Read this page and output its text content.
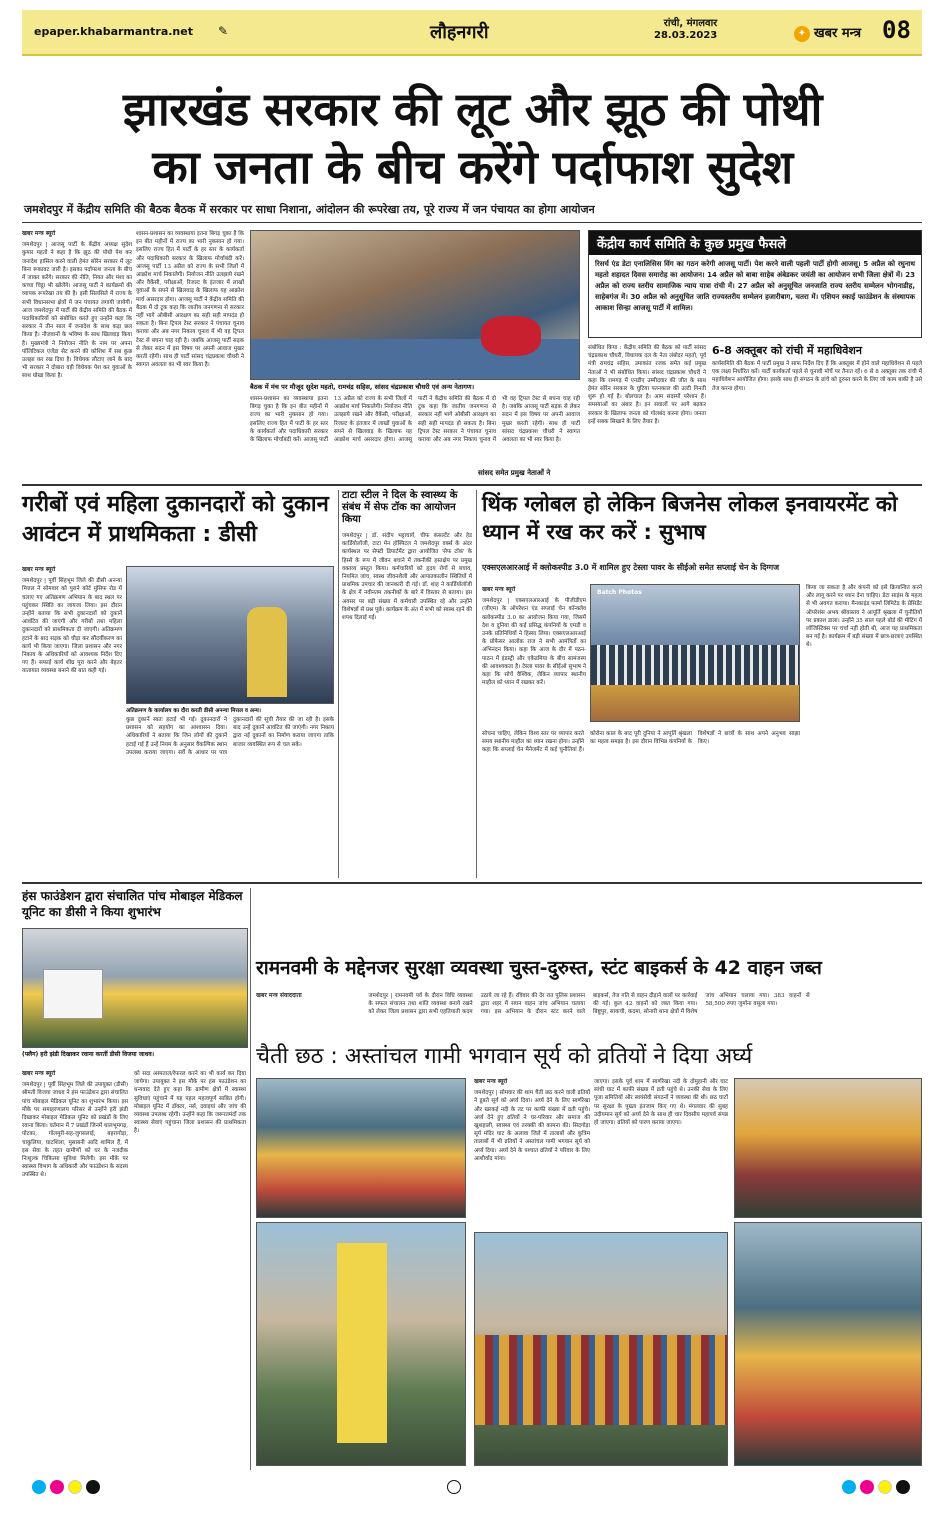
epaper.khabarmantra.net ✎	लौहनगरी	रांची, मंगलवार
28.03.2023	✦ खबर मन्त्र 08
झारखंड सरकार की लूट और झूठ की पोथी
का जनता के बीच करेंगे पर्दाफाश सुदेश
जमशेदपुर में केंद्रीय समिति की बैठक बैठक में सरकार पर साधा निशाना, आंदोलन की रूपरेखा तय, पूरे राज्य में जन पंचायत का होगा आयोजन
खबर मन्त्र ब्यूरो
जमशेदपुर | आजसू पार्टी के केंद्रीय अध्यक्ष सुदेश कुमार महतो ने कहा है कि झूठ की पोथी पेश कर जनादेश हासिल करने वाली हेमंत सोरेन सरकार में लूट बिना रूकावट जारी है। इसका पर्दाफाश जनता के बीच में जाकर करेंगे। सरकार की नीति, नियत और मंशा का कच्चा चिट्ठा भी खोलेंगे। आजसू पार्टी ने कार्यक्रमों की व्यापक रूपरेखा तय की है। इसी सिलसिले में राज्य के सभी विधानसभा क्षेत्रों में जन पंचायत लगायी जायेगी। आज जमशेदपुर में पार्टी की केंद्रीय समिति की बैठक में पदाधिकारियों को संबोधित करते हुए उन्होंने कहा कि सरकार ने तीन साल में जनादेश के साथ कड़ा छल किया है। नौजवानों के भविष्य के साथ खिलवाड़ किया है। मुख्यमंत्री ने नियोजन नीति के नाम पर अपना पॉलिटिकल एजेंडा सेट करने की कोशिश में सब कुछ उलझा कर रख दिया है। विधेयक लौटाए जाने के बाद भी सरकार ने दोबारा वही विधेयक पेश कर युवाओं के साथ धोखा किया है।
शासन-प्रशासन का व्यवस्थाया इतना बिगड़ चुका है कि इन बीत महीनों में राज्य का भारी नुकसान हो गया। इसलिए राज्य हित में पार्टी के हर स्तर के कार्यकर्ता और पदाधिकारी सरकार के खिलाफ मोर्चाबंदी करें। आजसू पार्टी 13 अप्रैल को राज्य के सभी जिलों में आक्रोश मार्च निकालेगी। नियोजन नीति उलझाये रखने और वैकेंसी, परीक्षाओं, रिजल्ट के इंतजार में लाखों युवाओं के सपने से खिलवाड़ के खिलाफ यह आक्रोश मार्च असरदार होगा। आजसू पार्टी ने केंद्रीय समिति की बैठक में दो टूक कहा कि जातीय जनगणना से सरकार नहीं भागे ओबीसी आरक्षण का सही सही मापदंड हो सकता है। बिना ट्रिपल टेस्ट सरकार ने पंचायत चुनाव कराया और अब नगर निकाय चुनाव में भी वह ट्रिपल टेस्ट से बचना चाह रही है। जबकि आजसू पार्टी सड़क से लेकर सदन में इस विषय पर अपनी आवाज मुखर करती रहेगी। साथ ही पार्टी सांसद चंद्रप्रकाश चौधरी ने स्वागत अवलता का भी स्वर किया है।
बैठक में मंच पर मौजूद सुदेश महतो, रामचंद्र सहिस, सांसद चंद्रप्रकाश चौधरी एवं अन्य नेतागण।
शासन-प्रशासन का व्यवस्थाया इतना बिगड़ चुका है कि इन बीत महीनों में राज्य का भारी नुकसान हो गया। इसलिए राज्य हित में पार्टी के हर स्तर के कार्यकर्ता और पदाधिकारी सरकार के खिलाफ मोर्चाबंदी करें। आजसू पार्टी 13 अप्रैल को राज्य के सभी जिलों में आक्रोश मार्च निकालेगी। नियोजन नीति उलझाये रखने और वैकेंसी, परीक्षाओं, रिजल्ट के इंतजार में लाखों युवाओं के सपने से खिलवाड़ के खिलाफ यह आक्रोश मार्च असरदार होगा। आजसू पार्टी ने केंद्रीय समिति की बैठक में दो टूक कहा कि जातीय जनगणना से सरकार नहीं भागे ओबीसी आरक्षण का सही सही मापदंड हो सकता है। बिना ट्रिपल टेस्ट सरकार ने पंचायत चुनाव कराया और अब नगर निकाय चुनाव में भी वह ट्रिपल टेस्ट से बचना चाह रही है। जबकि आजसू पार्टी सड़क से लेकर सदन में इस विषय पर अपनी आवाज मुखर करती रहेगी। साथ ही पार्टी सांसद चंद्रप्रकाश चौधरी ने स्वागत अवलता का भी स्वर किया है।
सांसद समेत प्रमुख नेताओं ने
केंद्रीय कार्य समिति के कुछ प्रमुख फैसले
रिसर्च एंड डेटा एनालिसिस विंग का गठन करेगी आजसू पार्टी। पेश करने वाली पहली पार्टी होगी आजसू। 5 अप्रैल को रघुनाथ महतो शहादत दिवस समारोह का आयोजन। 14 अप्रैल को बाबा साहेब अंबेडकर जयंती का आयोजन सभी जिला क्षेत्रों में। 23 अप्रैल को राज्य स्तरीय सामाजिक न्याय यात्रा रांची में। 27 अप्रैल को अनुसूचित जनजाति राज्य स्तरीय सम्मेलन भोगनाडीह, साहेबगंज में। 30 अप्रैल को अनुसूचित जाति राज्यस्तरीय सम्मेलन हजारीबाग, चतरा में। एशियन स्काई फाउंडेशन के संस्थापक आकाश सिन्हा आजसू पार्टी में शामिल।
संबोधित किया : केंद्रीय समिति की बैठक को पार्टी सांसद चंद्रप्रकाश चौधरी, विधायक दल के नेता लंबोदर महतो, पूर्व मंत्री रामचंद्र सहिस, उमाकांत रजक समेत कई प्रमुख नेताओं ने भी संबोधित किया। सांसद चंद्रप्रकाश चौधरी ने कहा कि रामगढ़ में एनडीए उम्मीदवार की जीत के साथ हेमंत सोरेन सरकार के घुटिया पतनकाल की उल्टी गिनती शुरू हो गई है। बोलचाल है। आम सदस्यों परेशान हैं। समस्याओं का अंबार है। इन सवालों पर आगे बढ़कर सरकार के खिलाफ जनता को गोलबंद करना होगा। जनता इन्हें सबक सिखाने के लिए तैयार है।
6-8 अक्तूबर को रांची में महाधिवेशन
कार्यसमिति की बैठक में पार्टी प्रमुख ने साफ निर्देश दिए हैं कि अक्तूबर में होने वाले महाधिवेशन से पहले एक लक्ष्य निर्धारित करें। पार्टी कार्यकर्ता पहले से चुनावी मोर्चे पर तैनात रहें। 6 से 8 अक्तूबर तक रांची में महाधिवेशन आयोजित होगा। इसके साथ ही संगठन के ढांचे को दुरुस्त करने के लिए जो काम बाकी है उसे तेज करना होगा।
गरीबों एवं महिला दुकानदारों को दुकान आवंटन में प्राथमिकता : डीसी
खबर मन्त्र ब्यूरो
जमशेदपुर | पूर्वी सिंहभूम जिले की डीसी अनन्या मित्तल ने सोमवार को पुराने कोर्ट मुंसिफ रोड में चलाए गए अतिक्रमण अभियान के बाद स्थल पर पहुंचकर स्थिति का जायजा लिया। इस दौरान उन्होंने बताया कि सभी दुकानदारों को दुकानें आवंटित की जाएंगी और गरीबों तथा महिला दुकानदारों को प्राथमिकता दी जाएगी। अतिक्रमण हटाने के बाद सड़क को चौड़ा कर सौंदर्यीकरण का कार्य भी किया जाएगा। जिला प्रशासन और नगर निकाय के अधिकारियों को आवश्यक निर्देश दिए गए हैं। सफाई कार्य शीघ्र पूरा करने और बेहतर यातायात व्यवस्था बनाने की बात कही गई।
अतिक्रमण के कार्यालय का दौरा करती डीसी अनन्या मित्तल व अन्य।
कुछ दुकानें स्वतः हटाई भी गई। दुकानदारों ने प्रशासन को सहयोग का आश्वासन दिया। अधिकारियों ने बताया कि जिन लोगों की दुकानें हटाई गई हैं उन्हें नियम के अनुसार वैकल्पिक स्थान उपलब्ध कराया जाएगा। सर्वे के आधार पर पात्र दुकानदारों की सूची तैयार की जा रही है। इसके बाद उन्हें दुकानें आवंटित की जाएंगी। नगर निकाय द्वारा नई दुकानों का निर्माण कराया जाएगा ताकि बाजार व्यवस्थित रूप से चल सके।
टाटा स्टील ने दिल के स्वास्थ्य के संबंध में सेफ टॉक का आयोजन किया
जमशेदपुर | डॉ. संदीप भट्टाचार्य, चीफ कंसल्टेंट और हेड कार्डियोलॉजी, टाटा मेन हॉस्पिटल ने जमशेदपुर वर्क्स के अंदर कार्यस्थल पर सेफ्टी डिपार्टमेंट द्वारा आयोजित 'सेफ टॉक' के हिस्से के रूप में जीवन बचाने में तकनीकी हस्तक्षेप पर प्रमुख वक्तव्य प्रस्तुत किया। कर्मचारियों को हृदय रोगों से बचाव, नियमित जांच, स्वस्थ जीवनशैली और आपातकालीन स्थितियों में प्राथमिक उपचार की जानकारी दी गई। डॉ. शाह ने कार्डियोलॉजी के क्षेत्र में नवीनतम तकनीकों के बारे में विस्तार से बताया। इस अवसर पर बड़ी संख्या में कर्मचारी उपस्थित रहे और उन्होंने विशेषज्ञों से प्रश्न पूछे। कार्यक्रम के अंत में सभी को स्वस्थ रहने की शपथ दिलाई गई।
थिंक ग्लोबल हो लेकिन बिजनेस लोकल इनवायरमेंट को ध्यान में रख कर करें : सुभाष
एक्सएलआरआई में क्लोकस्पीड 3.0 में शामिल हुए टेस्ला पावर के सीईओ समेत सप्लाई चेन के दिग्गज
खबर मन्त्र ब्यूरो
जमशेदपुर | एक्सएलआरआई के पीजीडीएम (जीएम) के ऑपरेशन एंड सप्लाई चेन कॉन्क्लेव क्लोकस्पीड 3.0 का आयोजन किया गया, जिसमें देश व दुनिया की कई प्रसिद्ध कंपनियों के एमडी व उनके प्रतिनिधियों ने हिस्सा लिया। एक्सएलआरआई के प्रोफेसर आलोक राज ने सभी आमंत्रितों का अभिनंदन किया। कहा कि आज के दौर में पठन-पाठन में इंडस्ट्री और एकेडमिया के बीच सामंजस्य की आवश्यकता है। टेस्ला पावर के सीईओ सुभाष ने कहा कि सोचें वैश्विक, लेकिन व्यापार स्थानीय माहौल को ध्यान में रखकर करें।
Batch Photos
सोचना चाहिए, लेकिन विश्व स्तर पर व्यापार करते समय स्थानीय माहौल का ध्यान रखना होगा। उन्होंने कहा कि सप्लाई चेन मैनेजमेंट में कई चुनौतियां हैं। कोरोना काल के बाद पूरी दुनिया ने आपूर्ति श्रृंखला का महत्व समझा है। इस दौरान विभिन्न कंपनियों के विशेषज्ञों ने छात्रों के साथ अपने अनुभव साझा किए।
किया जा सकता है और कंपनी को इसे क्रियान्वित करने और लागू करने पर ध्यान देना चाहिए। डेटा साइंस के महत्व से भी अवगत कराया। मैनकाइंड फार्मा लिमिटेड के प्रेसिडेंट ऑपरेशंस अभय श्रीवास्तव ने आपूर्ति श्रृंखला में चुनौतियों पर प्रकाश डाला। उन्होंने 35 साल पहले बोर्ड की मीटिंग में लॉजिस्टिक्स पर चर्चा नहीं होती थी, आज यह प्राथमिकता बन गई है। कार्यक्रम में बड़ी संख्या में छात्र-छात्राएं उपस्थित थे।
हंस फाउंडेशन द्वारा संचालित पांच मोबाइल मेडिकल यूनिट का डीसी ने किया शुभारंभ
(फ्लैग) हरी झंडी दिखाकर रवाना करतीं डीसी विजया जाधव।
खबर मन्त्र ब्यूरो
जमशेदपुर | पूर्वी सिंहभूम जिले की उपायुक्त (डीसी) श्रीमती विजया जाधव ने हंस फाउंडेशन द्वारा संचालित पांच मोबाइल मेडिकल यूनिट का शुभारंभ किया। इस मौके पर समाहरणालय परिसर से उन्होंने हरी झंडी दिखाकर मोबाइल मेडिकल यूनिट को प्रखंडों के लिए रवाना किया। वर्तमान में 7 प्रखंडों जिनमें धालभूमगढ़, पोटका, गोलमुरी-सह-जुगसलाई, बहरागोड़ा, चाकुलिया, घाटशिला, मुसाबनी आदि शामिल हैं, में इस सेवा के तहत ग्रामीणों को घर के नजदीक निःशुल्क चिकित्सा सुविधा मिलेगी। इस मौके पर स्वास्थ्य विभाग के अधिकारी और फाउंडेशन के सदस्य उपस्थित थे।
को सदा अस्पताल/रेफरल करने का भी कार्य कर दिया जायेगा। उपायुक्त ने इस मौके पर हंस फाउंडेशन का धन्यवाद देते हुए कहा कि ग्रामीण क्षेत्रों में स्वास्थ्य सुविधाएं पहुंचाने में यह पहल महत्वपूर्ण साबित होगी। मोबाइल यूनिट में डॉक्टर, नर्स, दवाइयां और जांच की व्यवस्था उपलब्ध रहेगी। उन्होंने कहा कि जरूरतमंदों तक स्वास्थ्य सेवाएं पहुंचाना जिला प्रशासन की प्राथमिकता है।
रामनवमी के मद्देनजर सुरक्षा व्यवस्था चुस्त-दुरुस्त, स्टंट बाइकर्स के 42 वाहन जब्त
खबर मन्त्र संवाददाता	जमशेदपुर | रामनवमी पर्व के दौरान विधि व्यवस्था के सफल संचालन तथा शांति व्यवस्था बनाये रखने को लेकर जिला प्रशासन द्वारा सभी एहतियाती कदम उठाये जा रहे हैं। रविवार की देर रात पुलिस प्रशासन द्वारा शहर में सघन वाहन जांच अभियान चलाया गया। इस अभियान के दौरान स्टंट करने वाले बाइकर्स, तेज गति से वाहन दौड़ाने वालों पर कार्रवाई की गई। कुल 42 वाहनों को जब्त किया गया। बिष्टुपुर, साकची, कदमा, सोनारी थाना क्षेत्रों में विशेष जांच अभियान चलाया गया। 383 वाहनों से 58,500 रुपए जुर्माना वसूला गया।
चैती छठ : अस्तांचल गामी भगवान सूर्य को व्रतियों ने दिया अर्घ्य
खबर मन्त्र ब्यूरो
जमशेदपुर | सोमवार की शाम चैती छठ करने वाली व्रतियों ने डूबते सूर्य को अर्घ्य दिया। अर्घ्य देने के लिए स्वर्णरेखा और खरकई नदी के तट पर काफी संख्या में व्रती पहुंचे। अर्घ्य देने हुए व्रतियों ने घर-परिवार और समाज की खुशहाली, स्वास्थ्य एवं तरक्की की कामना की। सिदगोड़ा सूर्य मंदिर घाट के अलावा जिले में तालाबों और कुत्रिम तालाबों में भी व्रतियों ने अस्तांचल गामी भगवान सूर्य को अर्घ्य दिया। अर्घ्य देने के पश्चात व्रतियों ने परिवार के लिए आशीर्वाद मांगा।
जाएगा। इसके पूर्व शाम में स्वर्णरेखा नदी के दोमुहानी और घाट सांधी घाट में काफी संख्या में व्रती पहुंचे थे। उनकी सेवा के लिए पूजा समितियों और स्वयंसेवी संगठनों ने व्यवस्था की थी। छठ घाटों पर सुरक्षा के पुख्ता इंतजाम किए गए थे। मंगलवार की सुबह उदीयमान सूर्य को अर्घ्य देने के साथ ही चार दिवसीय महापर्व संपन्न हो जाएगा। व्रतियों को पारण कराया जाएगा।
